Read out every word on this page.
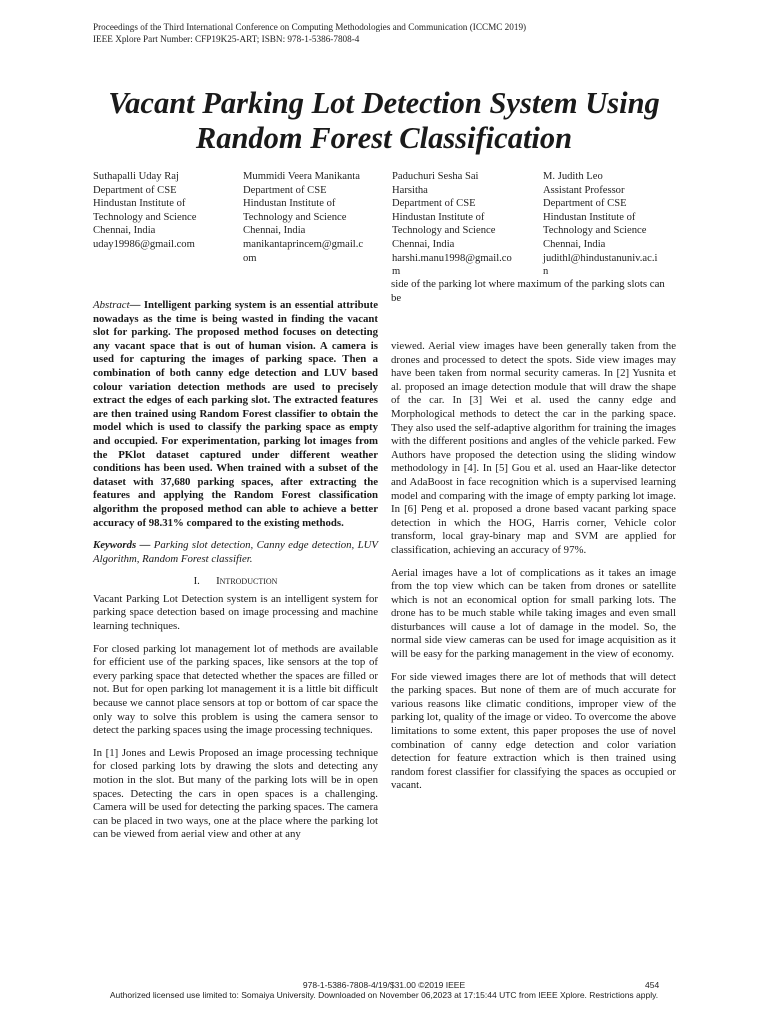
Proceedings of the Third International Conference on Computing Methodologies and Communication (ICCMC 2019)
IEEE Xplore Part Number: CFP19K25-ART; ISBN: 978-1-5386-7808-4
Vacant Parking Lot Detection System Using
Random Forest Classification
Suthapalli Uday Raj
Department of CSE
Hindustan Institute of
Technology and Science
Chennai, India
uday19986@gmail.com
Mummidi Veera Manikanta
Department of CSE
Hindustan Institute of
Technology and Science
Chennai, India
manikantaprincem@gmail.c
om
Paduchuri Sesha Sai
Harsitha
Department of CSE
Hindustan Institute of
Technology and Science
Chennai, India
harshi.manu1998@gmail.co
m
M. Judith Leo
Assistant Professor
Department of CSE
Hindustan Institute of
Technology and Science
Chennai, India
judithl@hindustanuniv.ac.i
n

side of the parking lot where maximum of the parking slots can be

Abstract— Intelligent parking system is an essential attribute nowadays as the time is being wasted in finding the vacant slot for parking. The proposed method focuses on detecting any vacant space that is out of human vision. A camera is used for capturing the images of parking space. Then a combination of both canny edge detection and LUV based colour variation detection methods are used to precisely extract the edges of each parking slot. The extracted features are then trained using Random Forest classifier to obtain the model which is used to classify the parking space as empty and occupied. For experimentation, parking lot images from the PKlot dataset captured under different weather conditions has been used. When trained with a subset of the dataset with 37,680 parking spaces, after extracting the features and applying the Random Forest classification algorithm the proposed method can able to achieve a better accuracy of 98.31% compared to the existing methods.

Keywords — Parking slot detection, Canny edge detection, LUV Algorithm, Random Forest classifier.

I. Introduction

Vacant Parking Lot Detection system is an intelligent system for parking space detection based on image processing and machine learning techniques.

For closed parking lot management lot of methods are available for efficient use of the parking spaces, like sensors at the top of every parking space that detected whether the spaces are filled or not. But for open parking lot management it is a little bit difficult because we cannot place sensors at top or bottom of car space the only way to solve this problem is using the camera sensor to detect the parking spaces using the image processing techniques.

In [1] Jones and Lewis Proposed an image processing technique for closed parking lots by drawing the slots and detecting any motion in the slot. But many of the parking lots will be in open spaces. Detecting the cars in open spaces is a challenging. Camera will be used for detecting the parking spaces. The camera can be placed in two ways, one at the place where the parking lot can be viewed from aerial view and other at any

viewed. Aerial view images have been generally taken from the drones and processed to detect the spots. Side view images may have been taken from normal security cameras. In [2] Yusnita et al. proposed an image detection module that will draw the shape of the car. In [3] Wei et al. used the canny edge and Morphological methods to detect the car in the parking space. They also used the self-adaptive algorithm for training the images with the different positions and angles of the vehicle parked. Few Authors have proposed the detection using the sliding window methodology in [4]. In [5] Gou et al. used an Haar-like detector and AdaBoost in face recognition which is a supervised learning model and comparing with the image of empty parking lot image. In [6] Peng et al. proposed a drone based vacant parking space detection in which the HOG, Harris corner, Vehicle color transform, local gray-binary map and SVM are applied for classification, achieving an accuracy of 97%.

Aerial images have a lot of complications as it takes an image from the top view which can be taken from drones or satellite which is not an economical option for small parking lots. The drone has to be much stable while taking images and even small disturbances will cause a lot of damage in the model. So, the normal side view cameras can be used for image acquisition as it will be easy for the parking management in the view of economy.

For side viewed images there are lot of methods that will detect the parking spaces. But none of them are of much accurate for various reasons like climatic conditions, improper view of the parking lot, quality of the image or video. To overcome the above limitations to some extent, this paper proposes the use of novel combination of canny edge detection and color variation detection for feature extraction which is then trained using random forest classifier for classifying the spaces as occupied or vacant.

978-1-5386-7808-4/19/$31.00 ©2019 IEEE	454
Authorized licensed use limited to: Somaiya University. Downloaded on November 06,2023 at 17:15:44 UTC from IEEE Xplore. Restrictions apply.
